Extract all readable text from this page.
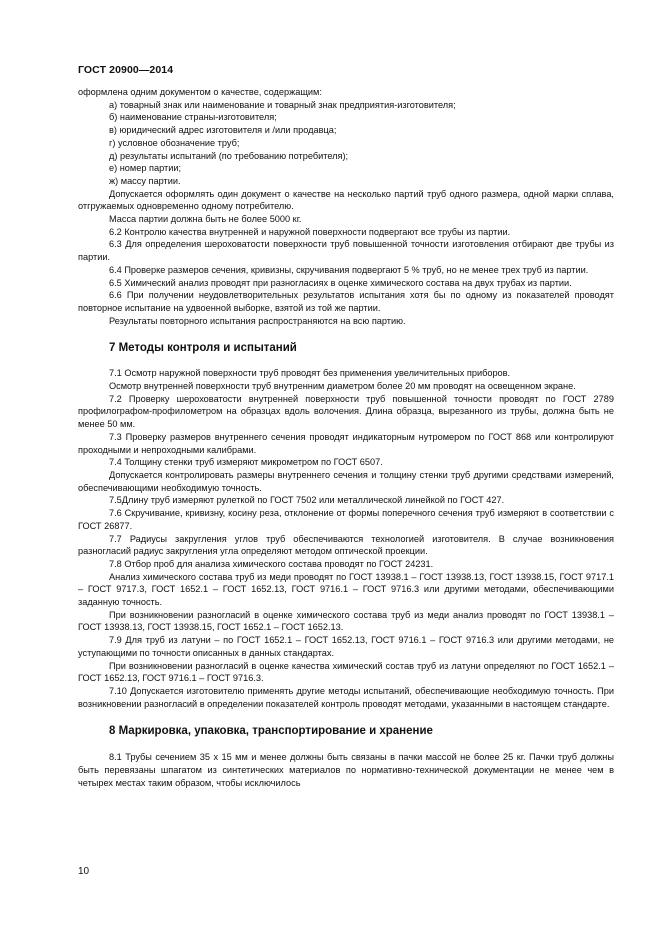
ГОСТ 20900—2014

оформлена одним документом о качестве, содержащим:

а) товарный знак или наименование и товарный знак предприятия-изготовителя;

б) наименование страны-изготовителя;

в) юридический адрес изготовителя и /или продавца;

г) условное обозначение труб;

д) результаты испытаний (по требованию потребителя);

е) номер партии;

ж) массу партии.

Допускается оформлять один документ о качестве на несколько партий труб одного размера, одной марки сплава, отгружаемых одновременно одному потребителю.

Масса партии должна быть не более 5000 кг.

6.2 Контролю качества внутренней и наружной поверхности подвергают все трубы из партии.

6.3 Для определения шероховатости поверхности труб повышенной точности изготовления отбирают две трубы из партии.

6.4 Проверке размеров сечения, кривизны, скручивания подвергают 5 % труб, но не менее трех труб из партии.

6.5 Химический анализ проводят при разногласиях в оценке химического состава на двух трубах из партии.

6.6 При получении неудовлетворительных результатов испытания хотя бы по одному из показателей проводят повторное испытание на удвоенной выборке, взятой из той же партии.

Результаты повторного испытания распространяются на всю партию.

7 Методы контроля и испытаний

7.1 Осмотр наружной поверхности труб проводят без применения увеличительных приборов.

Осмотр внутренней поверхности труб внутренним диаметром более 20 мм проводят на освещенном экране.

7.2 Проверку шероховатости внутренней поверхности труб повышенной точности проводят по ГОСТ 2789 профилографом-профилометром на образцах вдоль волочения. Длина образца, вырезанного из трубы, должна быть не менее 50 мм.

7.3 Проверку размеров внутреннего сечения проводят индикаторным нутромером по ГОСТ 868 или контролируют проходными и непроходными калибрами.

7.4 Толщину стенки труб измеряют микрометром по ГОСТ 6507.

Допускается контролировать размеры внутреннего сечения и толщину стенки труб другими средствами измерений, обеспечивающими необходимую точность.

7.5Длину труб измеряют рулеткой по ГОСТ 7502 или металлической линейкой по ГОСТ 427.

7.6 Скручивание, кривизну, косину реза, отклонение от формы поперечного сечения труб измеряют в соответствии с ГОСТ 26877.

7.7 Радиусы закругления углов труб обеспечиваются технологией изготовителя. В случае возникновения разногласий радиус закругления угла определяют методом оптической проекции.

7.8 Отбор проб для анализа химического состава проводят по ГОСТ 24231.

Анализ химического состава труб из меди проводят по ГОСТ 13938.1 – ГОСТ 13938.13, ГОСТ 13938.15, ГОСТ 9717.1 – ГОСТ 9717.3, ГОСТ 1652.1 – ГОСТ 1652.13, ГОСТ 9716.1 – ГОСТ 9716.3 или другими методами, обеспечивающими заданную точность.

При возникновении разногласий в оценке химического состава труб из меди анализ проводят по ГОСТ 13938.1 – ГОСТ 13938.13, ГОСТ 13938.15, ГОСТ 1652.1 – ГОСТ 1652.13.

7.9 Для труб из латуни – по ГОСТ 1652.1 – ГОСТ 1652.13, ГОСТ 9716.1 – ГОСТ 9716.3 или другими методами, не уступающими по точности описанных в данных стандартах.

При возникновении разногласий в оценке качества химический состав труб из латуни определяют по ГОСТ 1652.1 – ГОСТ 1652.13, ГОСТ 9716.1 – ГОСТ 9716.3.

7.10 Допускается изготовителю применять другие методы испытаний, обеспечивающие необходимую точность. При возникновении разногласий в определении показателей контроль проводят методами, указанными в настоящем стандарте.

8 Маркировка, упаковка, транспортирование и хранение

8.1 Трубы сечением 35 х 15 мм и менее должны быть связаны в пачки массой не более 25 кг. Пачки труб должны быть перевязаны шпагатом из синтетических материалов по нормативно-технической документации не менее чем в четырех местах таким образом, чтобы исключилось

10
